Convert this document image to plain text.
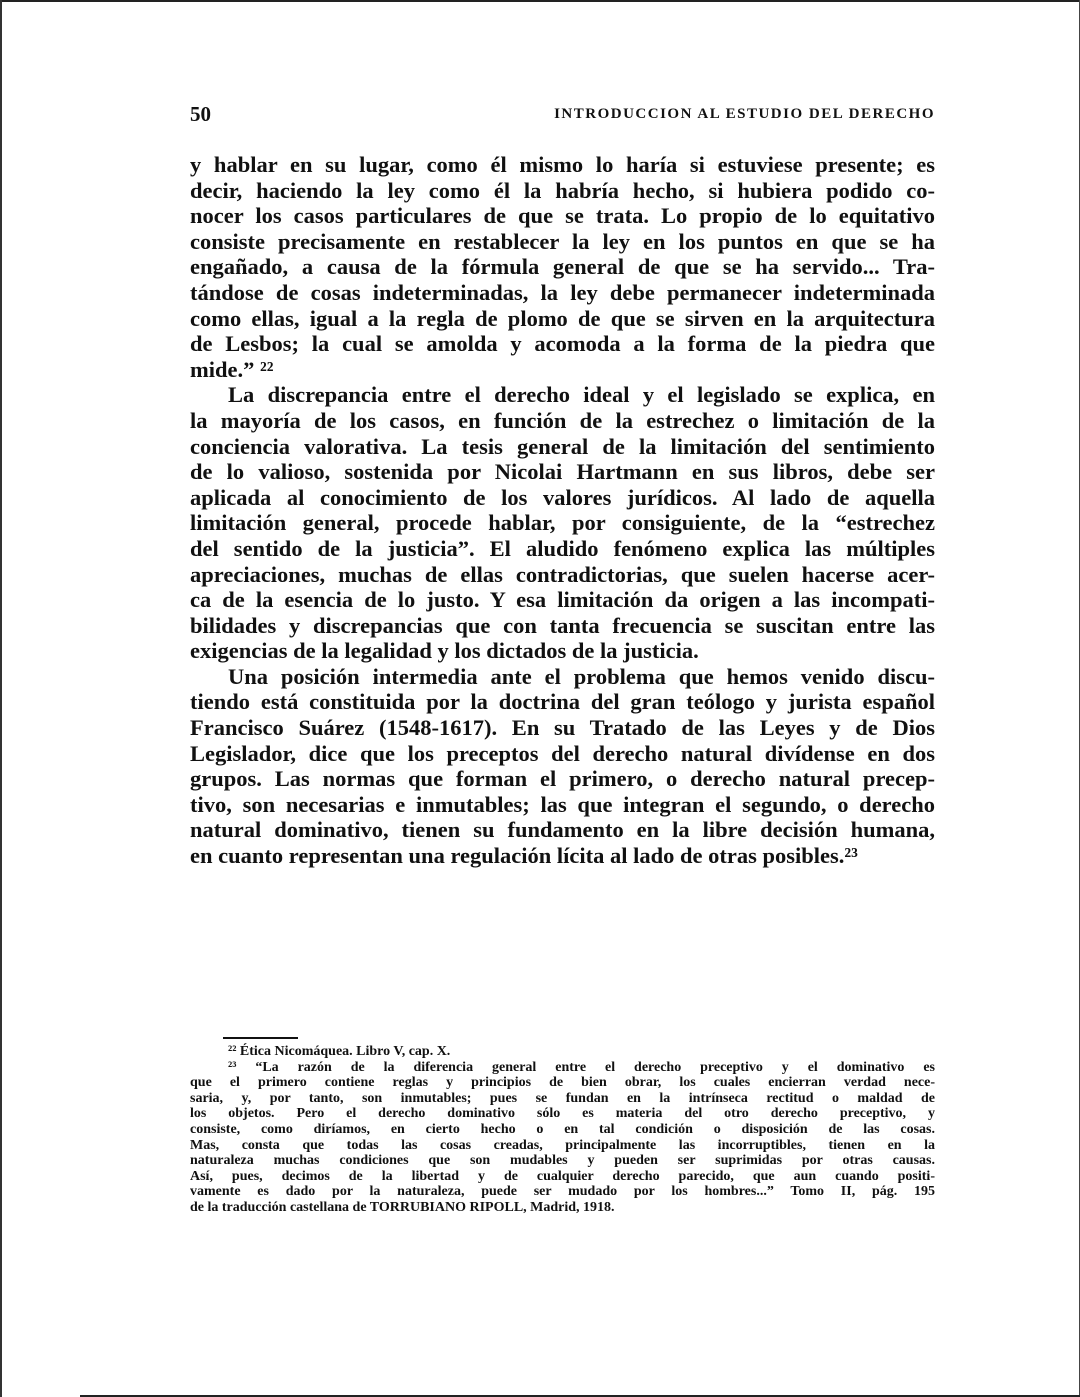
50	INTRODUCCION AL ESTUDIO DEL DERECHO
y hablar en su lugar, como él mismo lo haría si estuviese presente; es
decir, haciendo la ley como él la habría hecho, si hubiera podido co-
nocer los casos particulares de que se trata. Lo propio de lo equitativo
consiste precisamente en restablecer la ley en los puntos en que se ha
engañado, a causa de la fórmula general de que se ha servido... Tra-
tándose de cosas indeterminadas, la ley debe permanecer indeterminada
como ellas, igual a la regla de plomo de que se sirven en la arquitectura
de Lesbos; la cual se amolda y acomoda a la forma de la piedra que
mide.” ²²
La discrepancia entre el derecho ideal y el legislado se explica, en
la mayoría de los casos, en función de la estrechez o limitación de la
conciencia valorativa. La tesis general de la limitación del sentimiento
de lo valioso, sostenida por Nicolai Hartmann en sus libros, debe ser
aplicada al conocimiento de los valores jurídicos. Al lado de aquella
limitación general, procede hablar, por consiguiente, de la “estrechez
del sentido de la justicia”. El aludido fenómeno explica las múltiples
apreciaciones, muchas de ellas contradictorias, que suelen hacerse acer-
ca de la esencia de lo justo. Y esa limitación da origen a las incompati-
bilidades y discrepancias que con tanta frecuencia se suscitan entre las
exigencias de la legalidad y los dictados de la justicia.
Una posición intermedia ante el problema que hemos venido discu-
tiendo está constituida por la doctrina del gran teólogo y jurista español
Francisco Suárez (1548-1617). En su Tratado de las Leyes y de Dios
Legislador, dice que los preceptos del derecho natural divídense en dos
grupos. Las normas que forman el primero, o derecho natural precep-
tivo, son necesarias e inmutables; las que integran el segundo, o derecho
natural dominativo, tienen su fundamento en la libre decisión humana,
en cuanto representan una regulación lícita al lado de otras posibles.²³
²² Ética Nicomáquea. Libro V, cap. X.
²³ “La razón de la diferencia general entre el derecho preceptivo y el dominativo es
que el primero contiene reglas y principios de bien obrar, los cuales encierran verdad nece-
saria, y, por tanto, son inmutables; pues se fundan en la intrínseca rectitud o maldad de
los objetos. Pero el derecho dominativo sólo es materia del otro derecho preceptivo, y
consiste, como diríamos, en cierto hecho o en tal condición o disposición de las cosas.
Mas, consta que todas las cosas creadas, principalmente las incorruptibles, tienen en la
naturaleza muchas condiciones que son mudables y pueden ser suprimidas por otras causas.
Así, pues, decimos de la libertad y de cualquier derecho parecido, que aun cuando positi-
vamente es dado por la naturaleza, puede ser mudado por los hombres...” Tomo II, pág. 195
de la traducción castellana de TORRUBIANO RIPOLL, Madrid, 1918.
